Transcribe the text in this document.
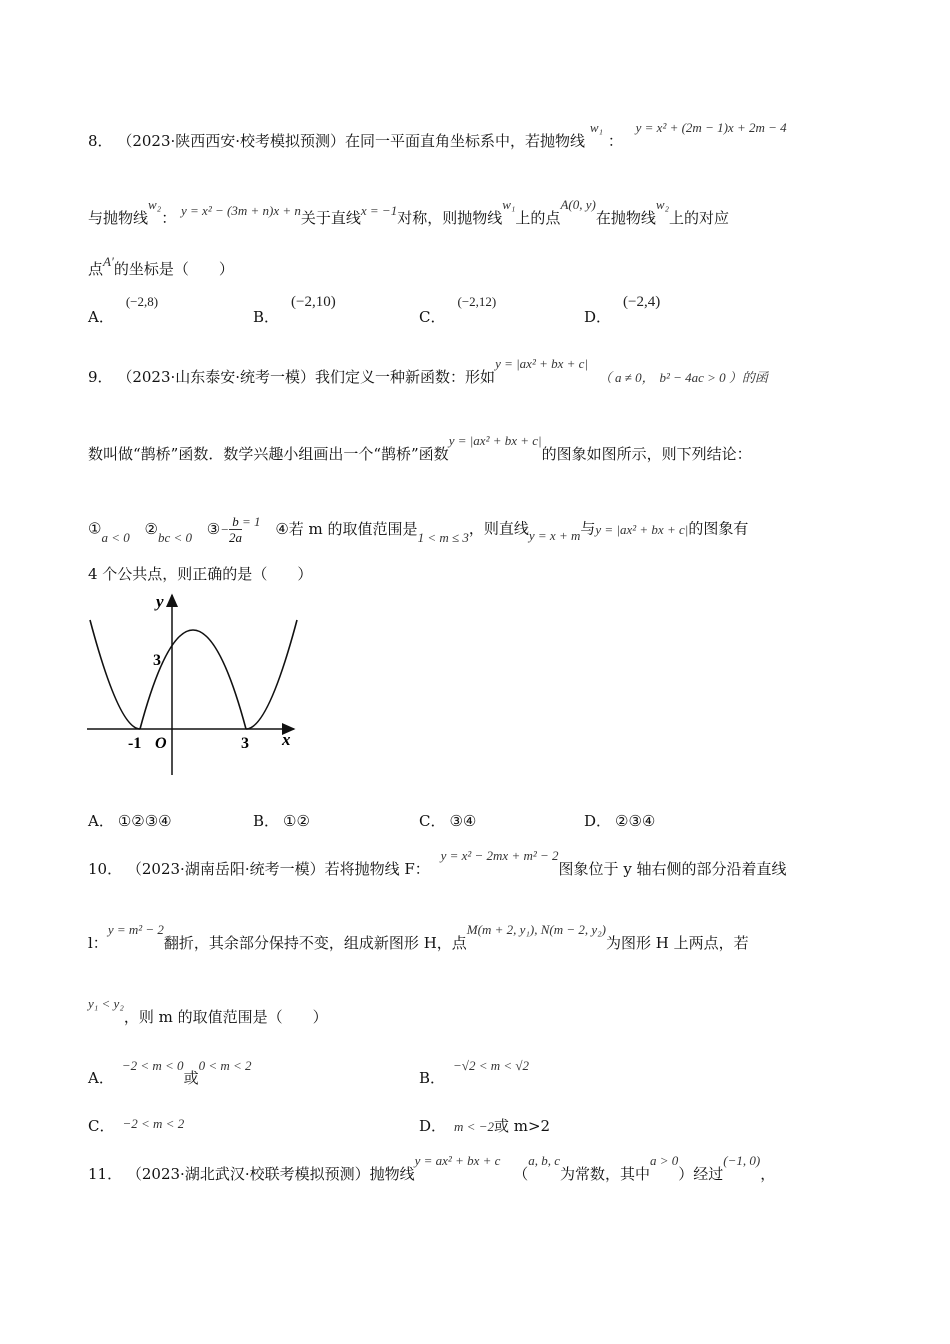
8． （2023·陕西西安·校考模拟预测）在同一平面直角坐标系中，若抛物线 w₁ ： y = x² + (2m − 1)x + 2m − 4
与抛物线w₂： y = x² − (3m + n)x + n关于直线x = −1对称，则抛物线w₁上的点A(0, y)在抛物线w₂上的对应
点A′的坐标是（　　）
A．(−2,8)
B．(−2,10)
C．(−2,12)
D．(−2,4)
9． （2023·山东泰安·统考一模）我们定义一种新函数：形如y = |ax² + bx + c| （ a ≠ 0， b² − 4ac > 0 ）的函
数叫做“鹊桥”函数．数学兴趣小组画出一个“鹊桥”函数y = |ax² + bx + c|的图象如图所示，则下列结论：
①a < 0 ②bc < 0 ③− $\frac{b}{2a} = 1$ ④若 m 的取值范围是1 < m ≤ 3，则直线y = x + m与y = |ax² + bx + c|的图象有
4 个公共点，则正确的是（　　）
y
x
O
-1	3
3
A． ①②③④	B． ①②	C． ③④	D． ②③④
10． （2023·湖南岳阳·统考一模）若将抛物线 F： y = x² − 2mx + m² − 2图象位于 y 轴右侧的部分沿着直线
l：y = m² − 2翻折，其余部分保持不变，组成新图形 H，点M(m + 2, y₁), N(m − 2, y₂)为图形 H 上两点，若
y₁ < y₂，则 m 的取值范围是（　　）
A．−2 < m < 0或0 < m < 2
B．−√2 < m < √2
C． −2 < m < 2	D． m < −2或 m>2
11． （2023·湖北武汉·校联考模拟预测）抛物线y = ax² + bx + c （a, b, c为常数，其中a > 0）经过(−1, 0)，
